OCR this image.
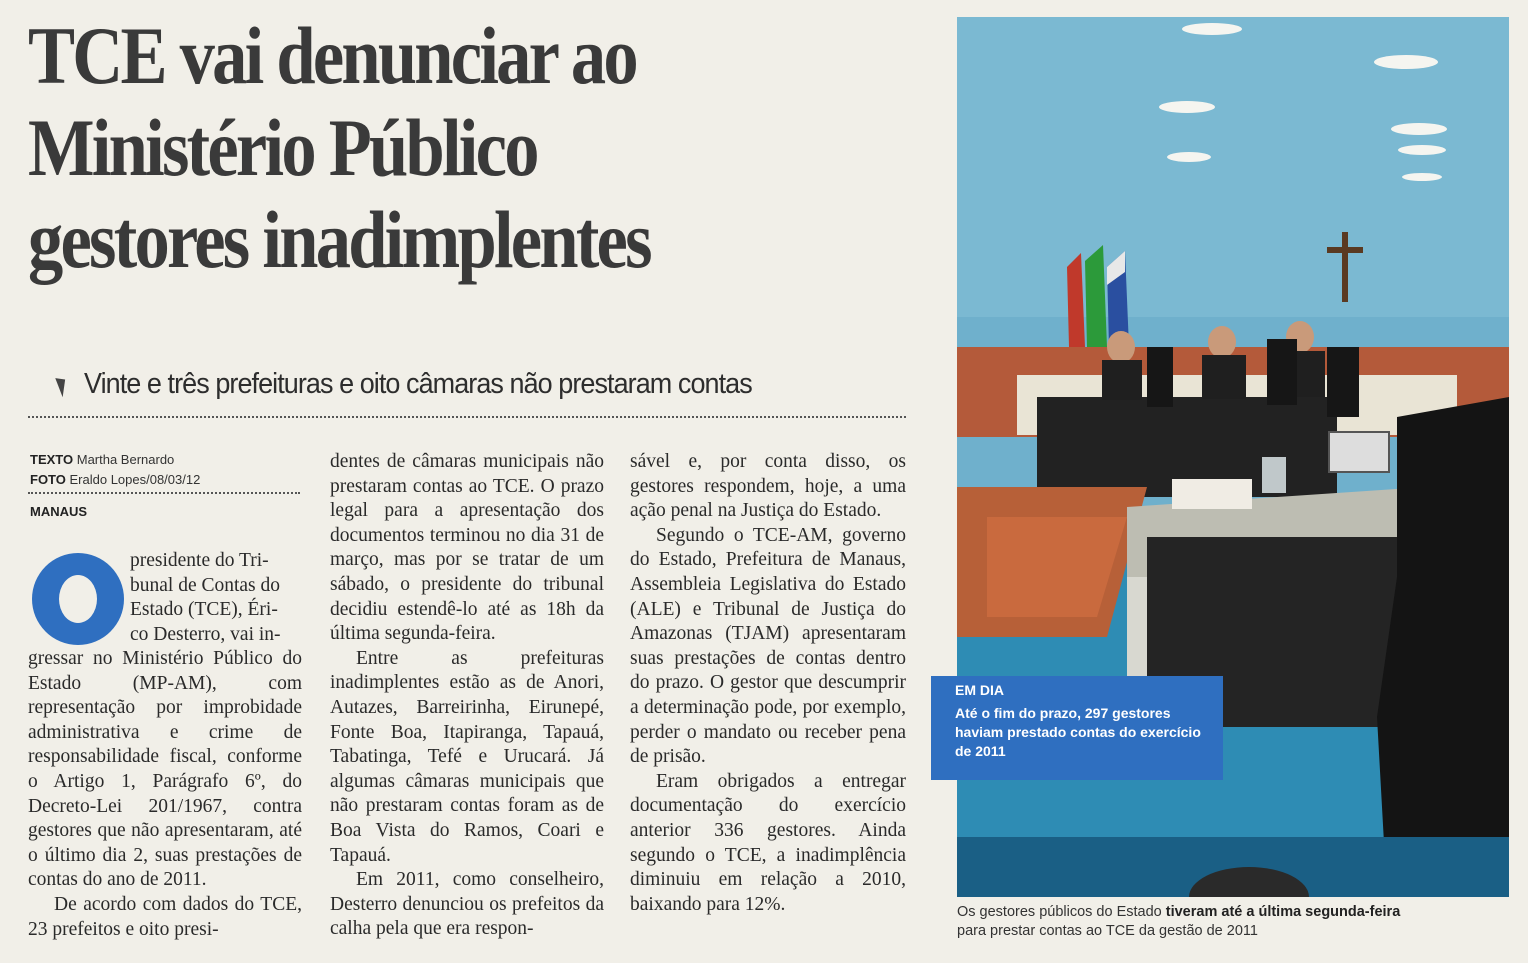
TCE vai denunciar ao
Ministério Público
gestores inadimplentes
Vinte e três prefeituras e oito câmaras não prestaram contas
TEXTO Martha Bernardo
FOTO Eraldo Lopes/08/03/12
MANAUS

presidente do Tri-

bunal de Contas do

Estado (TCE), Éri-

co Desterro, vai in-

gressar no Ministério Público do Estado (MP-AM), com representação por improbidade administrativa e crime de responsabilidade fiscal, conforme o Artigo 1, Parágrafo 6º, do Decreto-Lei 201/1967, contra gestores que não apresentaram, até o último dia 2, suas prestações de contas do ano de 2011.

De acordo com dados do TCE, 23 prefeitos e oito presi-

dentes de câmaras municipais não prestaram contas ao TCE. O prazo legal para a apresentação dos documentos terminou no dia 31 de março, mas por se tratar de um sábado, o presidente do tribunal decidiu estendê-lo até as 18h da última segunda-feira.

Entre as prefeituras inadimplentes estão as de Anori, Autazes, Barreirinha, Eirunepé, Fonte Boa, Itapiranga, Tapauá, Tabatinga, Tefé e Urucará. Já algumas câmaras municipais que não prestaram contas foram as de Boa Vista do Ramos, Coari e Tapauá.

Em 2011, como conselheiro, Desterro denunciou os prefeitos da calha pela que era respon-

sável e, por conta disso, os gestores respondem, hoje, a uma ação penal na Justiça do Estado.

Segundo o TCE-AM, governo do Estado, Prefeitura de Manaus, Assembleia Legislativa do Estado (ALE) e Tribunal de Justiça do Amazonas (TJAM) apresentaram suas prestações de contas dentro do prazo. O gestor que descumprir a determinação pode, por exemplo, perder o mandato ou receber pena de prisão.

Eram obrigados a entregar documentação do exercício anterior 336 gestores. Ainda segundo o TCE, a inadimplência diminuiu em relação a 2010, baixando para 12%.

EM DIA
Até o fim do prazo, 297 gestores haviam prestado contas do exercício de 2011
Os gestores públicos do Estado tiveram até a última segunda-feira
para prestar contas ao TCE da gestão de 2011
